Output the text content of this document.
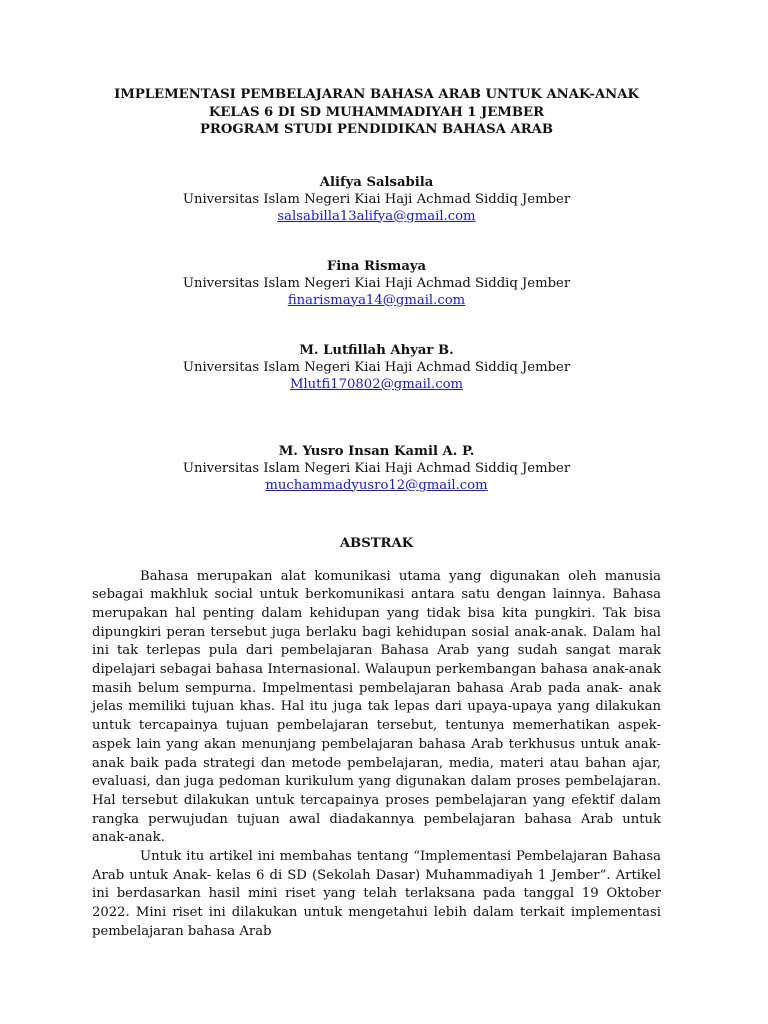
IMPLEMENTASI PEMBELAJARAN BAHASA ARAB UNTUK ANAK-ANAK
KELAS 6 DI SD MUHAMMADIYAH 1 JEMBER
PROGRAM STUDI PENDIDIKAN BAHASA ARAB
Alifya Salsabila
Universitas Islam Negeri Kiai Haji Achmad Siddiq Jember
salsabilla13alifya@gmail.com
Fina Rismaya
Universitas Islam Negeri Kiai Haji Achmad Siddiq Jember
finarismaya14@gmail.com
M. Lutfillah Ahyar B.
Universitas Islam Negeri Kiai Haji Achmad Siddiq Jember
Mlutfi170802@gmail.com
M. Yusro Insan Kamil A. P.
Universitas Islam Negeri Kiai Haji Achmad Siddiq Jember
muchammadyusro12@gmail.com
ABSTRAK

Bahasa merupakan alat komunikasi utama yang digunakan oleh manusia sebagai makhluk social untuk berkomunikasi antara satu dengan lainnya. Bahasa merupakan hal penting dalam kehidupan yang tidak bisa kita pungkiri. Tak bisa dipungkiri peran tersebut juga berlaku bagi kehidupan sosial anak-anak. Dalam hal ini tak terlepas pula dari pembelajaran Bahasa Arab yang sudah sangat marak dipelajari sebagai bahasa Internasional. Walaupun perkembangan bahasa anak-anak masih belum sempurna. Impelmentasi pembelajaran bahasa Arab pada anak- anak jelas memiliki tujuan khas. Hal itu juga tak lepas dari upaya-upaya yang dilakukan untuk tercapainya tujuan pembelajaran tersebut, tentunya memerhatikan aspek-aspek lain yang akan menunjang pembelajaran bahasa Arab terkhusus untuk anak-anak baik pada strategi dan metode pembelajaran, media, materi atau bahan ajar, evaluasi, dan juga pedoman kurikulum yang digunakan dalam proses pembelajaran. Hal tersebut dilakukan untuk tercapainya proses pembelajaran yang efektif dalam rangka perwujudan tujuan awal diadakannya pembelajaran bahasa Arab untuk anak-anak.

Untuk itu artikel ini membahas tentang “Implementasi Pembelajaran Bahasa Arab untuk Anak- kelas 6 di SD (Sekolah Dasar) Muhammadiyah 1 Jember”. Artikel ini berdasarkan hasil mini riset yang telah terlaksana pada tanggal 19 Oktober 2022. Mini riset ini dilakukan untuk mengetahui lebih dalam terkait implementasi pembelajaran bahasa Arab
